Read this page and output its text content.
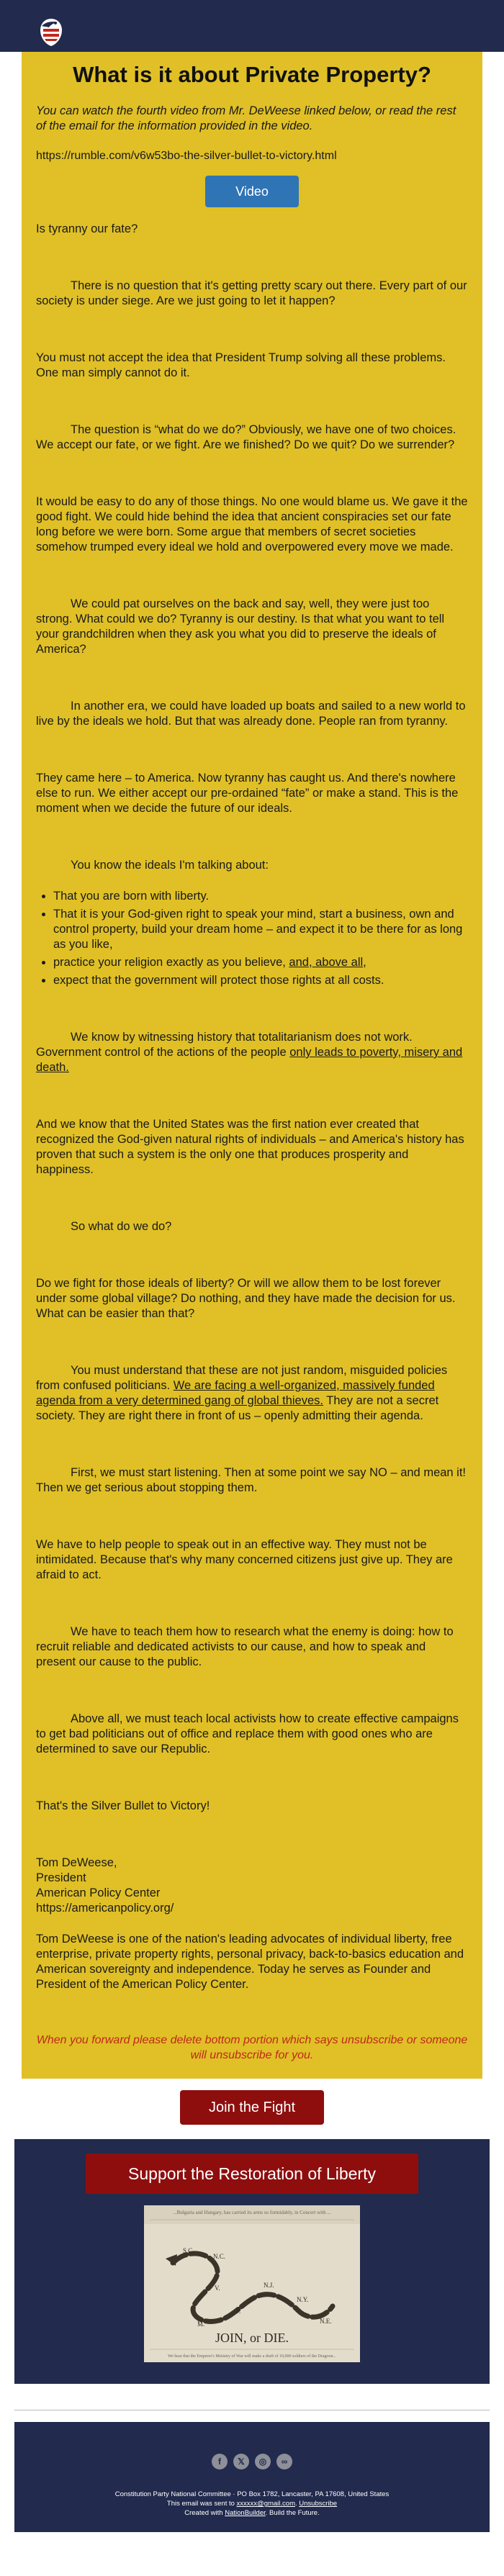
What is it about Private Property?

You can watch the fourth video from Mr. DeWeese linked below, or read the rest of the email for the information provided in the video.

https://rumble.com/v6w53bo-the-silver-bullet-to-victory.html

Video

Is tyranny our fate?

There is no question that it's getting pretty scary out there. Every part of our society is under siege. Are we just going to let it happen?

You must not accept the idea that President Trump solving all these problems. One man simply cannot do it.

The question is “what do we do?” Obviously, we have one of two choices. We accept our fate, or we fight. Are we finished? Do we quit? Do we surrender?

It would be easy to do any of those things. No one would blame us. We gave it the good fight. We could hide behind the idea that ancient conspiracies set our fate long before we were born. Some argue that members of secret societies somehow trumped every ideal we hold and overpowered every move we made.

We could pat ourselves on the back and say, well, they were just too strong. What could we do? Tyranny is our destiny. Is that what you want to tell your grandchildren when they ask you what you did to preserve the ideals of America?

In another era, we could have loaded up boats and sailed to a new world to live by the ideals we hold. But that was already done. People ran from tyranny.

They came here – to America. Now tyranny has caught us. And there's nowhere else to run. We either accept our pre-ordained “fate” or make a stand. This is the moment when we decide the future of our ideals.

You know the ideals I'm talking about:

• That you are born with liberty.
• That it is your God-given right to speak your mind, start a business, own and control property, build your dream home – and expect it to be there for as long as you like,
• practice your religion exactly as you believe, and, above all,
• expect that the government will protect those rights at all costs.

We know by witnessing history that totalitarianism does not work. Government control of the actions of the people only leads to poverty, misery and death.

And we know that the United States was the first nation ever created that recognized the God-given natural rights of individuals – and America's history has proven that such a system is the only one that produces prosperity and happiness.

So what do we do?

Do we fight for those ideals of liberty? Or will we allow them to be lost forever under some global village? Do nothing, and they have made the decision for us. What can be easier than that?

You must understand that these are not just random, misguided policies from confused politicians. We are facing a well-organized, massively funded agenda from a very determined gang of global thieves. They are not a secret society. They are right there in front of us – openly admitting their agenda.

First, we must start listening. Then at some point we say NO – and mean it! Then we get serious about stopping them.

We have to help people to speak out in an effective way. They must not be intimidated. Because that's why many concerned citizens just give up. They are afraid to act.

We have to teach them how to research what the enemy is doing: how to recruit reliable and dedicated activists to our cause, and how to speak and present our cause to the public.

Above all, we must teach local activists how to create effective campaigns to get bad politicians out of office and replace them with good ones who are determined to save our Republic.

That's the Silver Bullet to Victory!

Tom DeWeese,

President

American Policy Center

https://americanpolicy.org/

Tom DeWeese is one of the nation's leading advocates of individual liberty, free enterprise, private property rights, personal privacy, back-to-basics education and American sovereignty and independence. Today he serves as Founder and President of the American Policy Center.

When you forward please delete bottom portion which says unsubscribe or someone will unsubscribe for you.

Join the Fight
Support the Restoration of Liberty
...Bulgaria and Hungary, has carried its arms so formidably, in Concert with ...
S.C.
N.C.
V.
M.
P.
N.J.
N.Y.
N.E.
JOIN, or DIE.
We hear that the Emperor's Ministry of War will make a draft of 10,000 soldiers of the Dragoon...
f	𝕏	◎	∞

Constitution Party National Committee · PO Box 1782, Lancaster, PA 17608, United States

This email was sent to xxxxxx@gmail.com. Unsubscribe

Created with NationBuilder. Build the Future.
